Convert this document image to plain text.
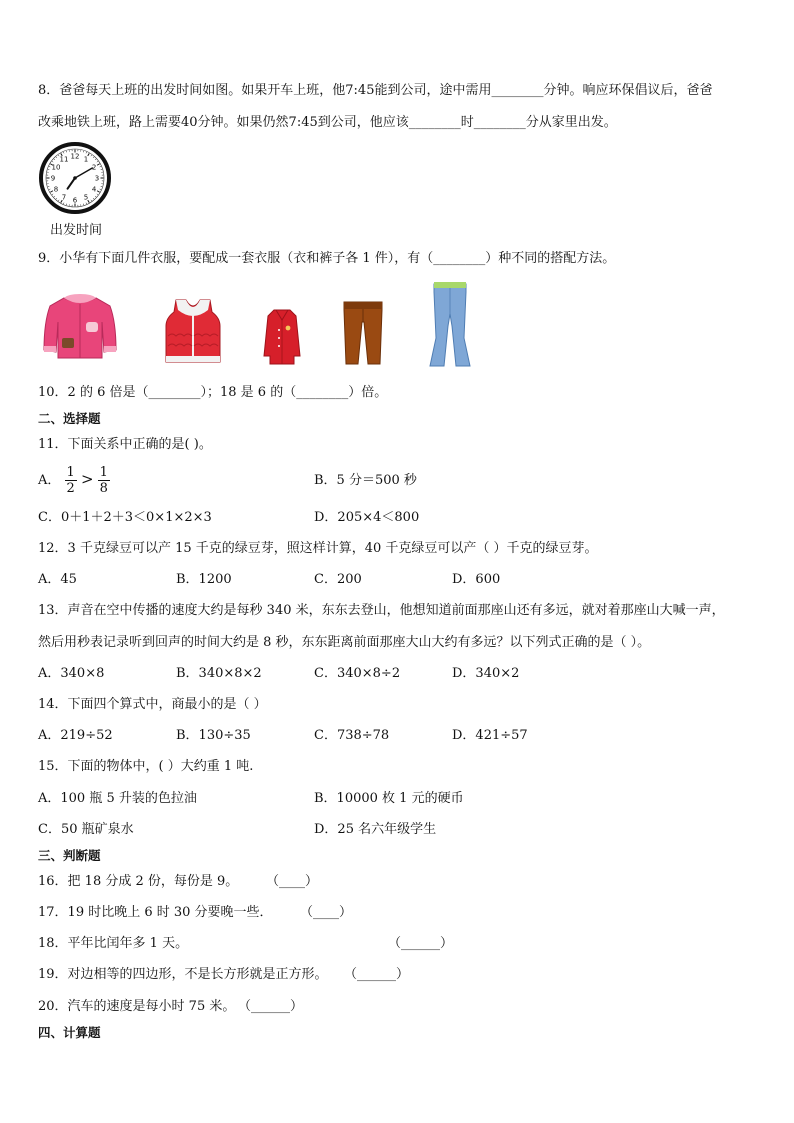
8．爸爸每天上班的出发时间如图。如果开车上班，他7:45能到公司，途中需用________分钟。响应环保倡议后，爸爸
改乘地铁上班，路上需要40分钟。如果仍然7:45到公司，他应该________时________分从家里出发。
12 1
2
3
4
5
6
7
8
9
10
11
出发时间
9．小华有下面几件衣服，要配成一套衣服（衣和裤子各 1 件），有（________）种不同的搭配方法。
10．2 的 6 倍是（________）；18 是 6 的（________）倍。
二、选择题
11．下面关系中正确的是( )。
A． $\frac{1}{2} > \frac{1}{8}$	B．5 分＝500 秒
C．0＋1＋2＋3＜0×1×2×3	D．205×4＜800
12．3 千克绿豆可以产 15 千克的绿豆芽，照这样计算，40 千克绿豆可以产（ ）千克的绿豆芽。
A．45	B．1200	C．200	D．600
13．声音在空中传播的速度大约是每秒 340 米，东东去登山，他想知道前面那座山还有多远，就对着那座山大喊一声，
然后用秒表记录听到回声的时间大约是 8 秒，东东距离前面那座大山大约有多远？以下列式正确的是（ ）。
A．340×8	B．340×8×2	C．340×8÷2	D．340×2
14．下面四个算式中，商最小的是（ ）
A．219÷52	B．130÷35	C．738÷78	D．421÷57
15．下面的物体中，( ）大约重 1 吨.
A．100 瓶 5 升装的色拉油	B．10000 枚 1 元的硬币
C．50 瓶矿泉水	D．25 名六年级学生
三、判断题
16．把 18 分成 2 份，每份是 9。 （____）
17．19 时比晚上 6 时 30 分要晚一些． （____）
18．平年比闰年多 1 天。	（______）
19．对边相等的四边形，不是长方形就是正方形。 （______）
20．汽车的速度是每小时 75 米。 （______）
四、计算题
